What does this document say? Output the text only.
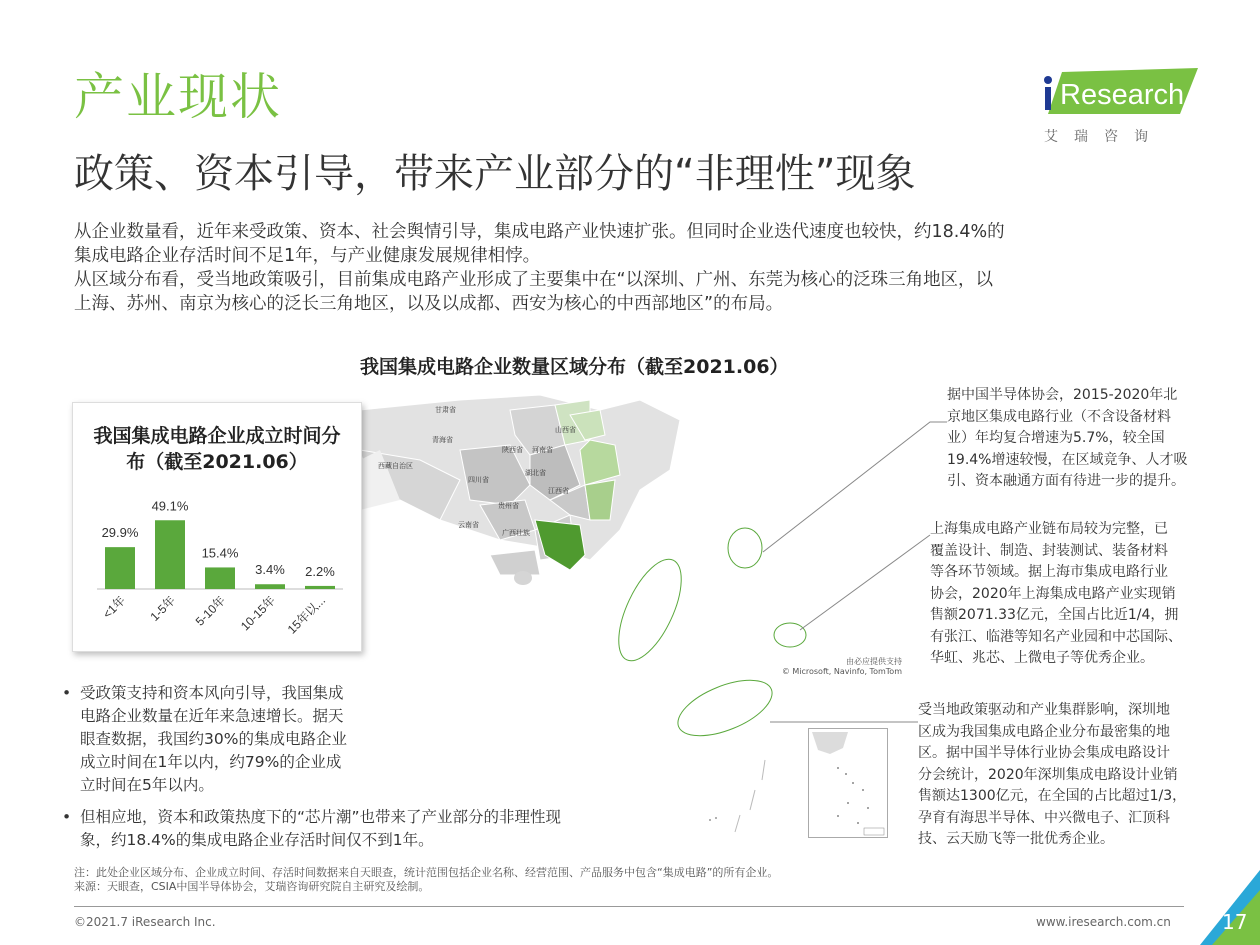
产业现状
政策、资本引导，带来产业部分的“非理性”现象
Research
艾瑞咨询
从企业数量看，近年来受政策、资本、社会舆情引导，集成电路产业快速扩张。但同时企业迭代速度也较快，约18.4%的
集成电路企业存活时间不足1年，与产业健康发展规律相悖。
从区域分布看，受当地政策吸引，目前集成电路产业形成了主要集中在“以深圳、广州、东莞为核心的泛珠三角地区，以
上海、苏州、南京为核心的泛长三角地区，以及以成都、西安为核心的中西部地区”的布局。
我国集成电路企业数量区域分布（截至2021.06）
甘肃省
山西省
青海省
河南省
陕西省
西藏自治区
四川省
湖北省
江西省
贵州省
云南省
广西壮族
由必应提供支持
© Microsoft, Navinfo, TomTom
我国集成电路企业成立时间分布（截至2021.06）
29.9%
<1年
49.1%
1-5年
15.4%
5-10年
3.4%
10-15年
2.2%
15年以...
• 受政策支持和资本风向引导，我国集成
电路企业数量在近年来急速增长。据天
眼查数据，我国约30%的集成电路企业
成立时间在1年以内，约79%的企业成
立时间在5年以内。
• 但相应地，资本和政策热度下的“芯片潮”也带来了产业部分的非理性现
象，约18.4%的集成电路企业存活时间仅不到1年。
据中国半导体协会，2015-2020年北
京地区集成电路行业（不含设备材料
业）年均复合增速为5.7%，较全国
19.4%增速较慢，在区域竞争、人才吸
引、资本融通方面有待进一步的提升。
上海集成电路产业链布局较为完整，已
覆盖设计、制造、封装测试、装备材料
等各环节领域。据上海市集成电路行业
协会，2020年上海集成电路产业实现销
售额2071.33亿元，全国占比近1/4，拥
有张江、临港等知名产业园和中芯国际、
华虹、兆芯、上微电子等优秀企业。
受当地政策驱动和产业集群影响，深圳地
区成为我国集成电路企业分布最密集的地
区。据中国半导体行业协会集成电路设计
分会统计，2020年深圳集成电路设计业销
售额达1300亿元，在全国的占比超过1/3，
孕育有海思半导体、中兴微电子、汇顶科
技、云天励飞等一批优秀企业。
注：此处企业区域分布、企业成立时间、存活时间数据来自天眼查，统计范围包括企业名称、经营范围、产品服务中包含“集成电路”的所有企业。
来源：天眼查，CSIA中国半导体协会，艾瑞咨询研究院自主研究及绘制。
©2021.7 iResearch Inc.	www.iresearch.com.cn	17
